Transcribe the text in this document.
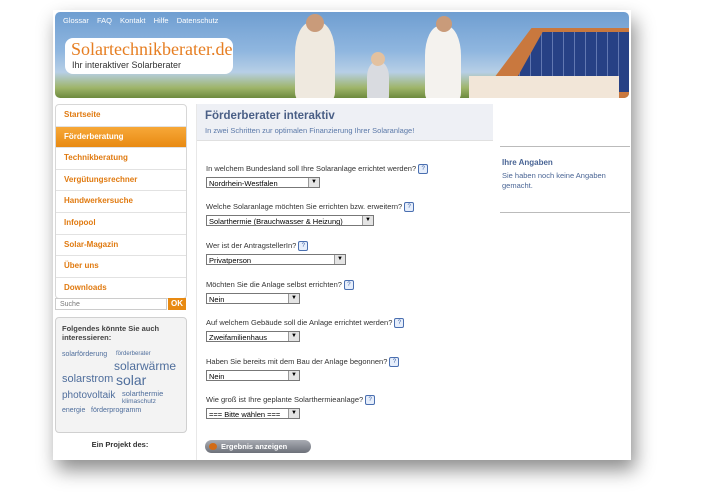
Glossar FAQ Kontakt Hilfe Datenschutz
Solartechnikberater.de
Ihr interaktiver Solarberater
Startseite
Förderberatung
Technikberatung
Vergütungsrechner
Handwerkersuche
Infopool
Solar-Magazin
Über uns
Downloads
Suche	OK
Folgendes könnte Sie auch interessieren:
solarförderung förderberater
solarwärme
solarstrom solar
photovoltaik solarthermie
klimaschutz
energie förderprogramm
Ein Projekt des:
Förderberater interaktiv
In zwei Schritten zur optimalen Finanzierung Ihrer Solaranlage!
In welchem Bundesland soll Ihre Solaranlage errichtet werden? ?
Nordrhein-Westfalen	▼
Welche Solaranlage möchten Sie errichten bzw. erweitern? ?
Solarthermie (Brauchwasser & Heizung)	▼
Wer ist der AntragstellerIn? ?
Privatperson	▼
Möchten Sie die Anlage selbst errichten? ?
Nein	▼
Auf welchem Gebäude soll die Anlage errichtet werden? ?
Zweifamilienhaus	▼
Haben Sie bereits mit dem Bau der Anlage begonnen? ?
Nein	▼
Wie groß ist Ihre geplante Solarthermieanlage? ?
=== Bitte wählen ===	▼
Ergebnis anzeigen
Ihre Angaben
Sie haben noch keine Angaben gemacht.
